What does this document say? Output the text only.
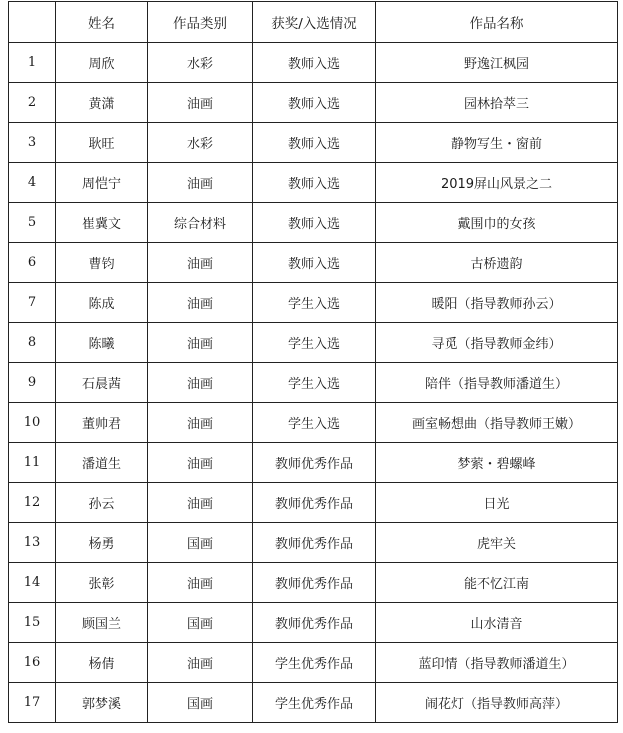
	姓名	作品类别	获奖/入选情况	作品名称
1	周欣	水彩	教师入选	野逸江枫园
2	黄潇	油画	教师入选	园林拾萃三
3	耿旺	水彩	教师入选	静物写生・窗前
4	周恺宁	油画	教师入选	2019屏山风景之二
5	崔冀文	综合材料	教师入选	戴围巾的女孩
6	曹钧	油画	教师入选	古桥遗韵
7	陈成	油画	学生入选	暖阳（指导教师孙云）
8	陈曦	油画	学生入选	寻觅（指导教师金纬）
9	石晨茜	油画	学生入选	陪伴（指导教师潘道生）
10	董帅君	油画	学生入选	画室畅想曲（指导教师王嫩）
11	潘道生	油画	教师优秀作品	梦萦・碧螺峰
12	孙云	油画	教师优秀作品	日光
13	杨勇	国画	教师优秀作品	虎牢关
14	张彰	油画	教师优秀作品	能不忆江南
15	顾国兰	国画	教师优秀作品	山水清音
16	杨倩	油画	学生优秀作品	蓝印情（指导教师潘道生）
17	郭梦溪	国画	学生优秀作品	闹花灯（指导教师高萍）
